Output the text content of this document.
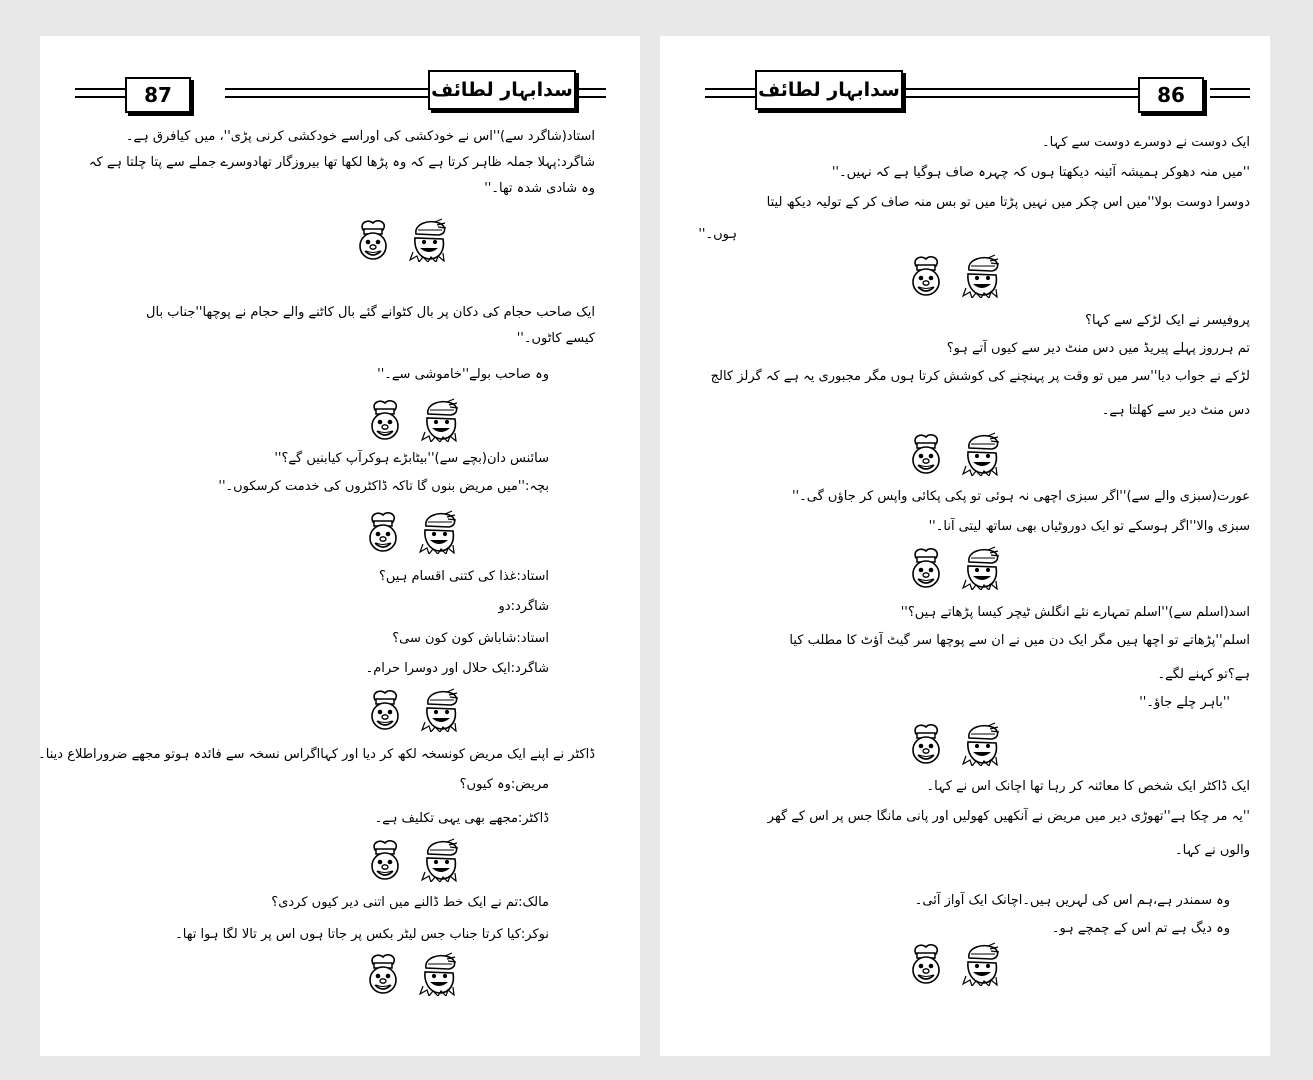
87	سدابہار لطائف
استاد(شاگرد سے)''اس نے خودکشی کی اوراسے خودکشی کرنی پڑی''، میں کیافرق ہے۔
شاگرد:پہلا جملہ ظاہر کرتا ہے کہ وہ پڑھا لکھا تھا بیروزگار تھادوسرے جملے سے پتا چلتا ہے کہ
وہ شادی شدہ تھا۔''
ایک صاحب حجام کی دکان پر بال کٹوانے گئے بال کاٹنے والے حجام نے پوچھا''جناب بال
کیسے کاٹوں۔''
وہ صاحب بولے''خاموشی سے۔''
سائنس دان(بچے سے)''بیٹابڑے ہوکرآپ کیابنیں گے؟''
بچہ:''میں مریض بنوں گا تاکہ ڈاکٹروں کی خدمت کرسکوں۔''
استاد:غذا کی کتنی اقسام ہیں؟
شاگرد:دو
استاد:شاباش کون کون سی؟
شاگرد:ایک حلال اور دوسرا حرام۔
ڈاکٹر نے اپنے ایک مریض کونسخہ لکھ کر دیا اور کہااگراس نسخہ سے فائدہ ہوتو مجھے ضروراطلاع دینا۔
مریض:وہ کیوں؟
ڈاکٹر:مجھے بھی یہی تکلیف ہے۔
مالک:تم نے ایک خط ڈالنے میں اتنی دیر کیوں کردی؟
نوکر:کیا کرتا جناب جس لیٹر بکس پر جاتا ہوں اس پر تالا لگا ہوا تھا۔
سدابہار لطائف	86
ایک دوست نے دوسرے دوست سے کہا۔
''میں منہ دھوکر ہمیشہ آئینہ دیکھتا ہوں کہ چہرہ صاف ہوگیا ہے کہ نہیں۔''
دوسرا دوست بولا''میں اس چکر میں نہیں پڑتا میں تو بس منہ صاف کر کے تولیہ دیکھ لیتا
ہوں۔''
پروفیسر نے ایک لڑکے سے کہا؟
تم ہرروز پہلے پیریڈ میں دس منٹ دیر سے کیوں آتے ہو؟
لڑکے نے جواب دیا''سر میں تو وقت پر پہنچنے کی کوشش کرتا ہوں مگر مجبوری یہ ہے کہ گرلز کالج
دس منٹ دیر سے کھلتا ہے۔
عورت(سبزی والے سے)''اگر سبزی اچھی نہ ہوئی تو پکی پکائی واپس کر جاؤں گی۔''
سبزی والا''اگر ہوسکے تو ایک دوروٹیاں بھی ساتھ لیتی آنا۔''
اسد(اسلم سے)''اسلم تمہارے نئے انگلش ٹیچر کیسا پڑھاتے ہیں؟''
اسلم''پڑھاتے تو اچھا ہیں مگر ایک دن میں نے ان سے پوچھا سر گیٹ آؤٹ کا مطلب کیا
ہے؟تو کہنے لگے۔
''باہر چلے جاؤ۔''
ایک ڈاکٹر ایک شخص کا معائنہ کر رہا تھا اچانک اس نے کہا۔
''یہ مر چکا ہے''تھوڑی دیر میں مریض نے آنکھیں کھولیں اور پانی مانگا جس پر اس کے گھر
والوں نے کہا۔
وہ سمندر ہے،ہم اس کی لہریں ہیں۔اچانک ایک آواز آئی۔
وہ دیگ ہے تم اس کے چمچے ہو۔
